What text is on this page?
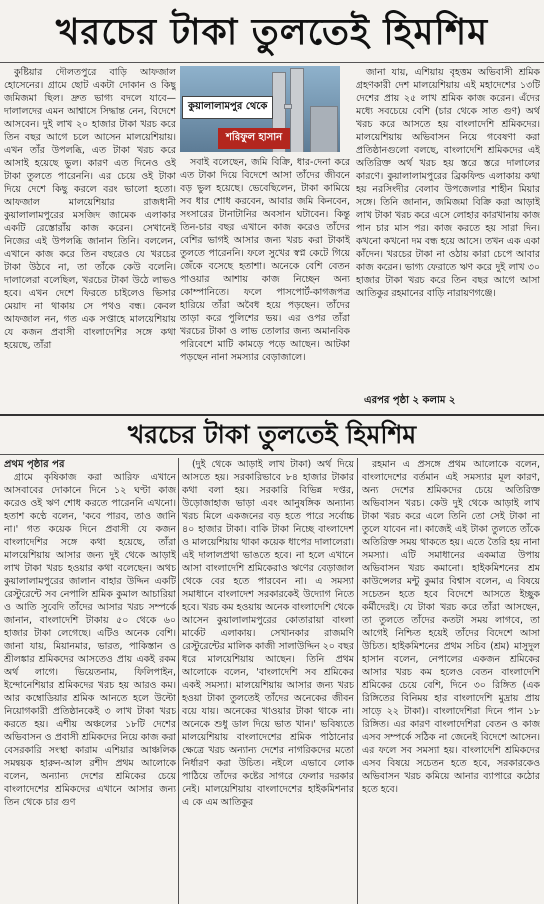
খরচের টাকা তুলতেই হিমশিম

কুষ্টিয়ার দৌলতপুরে বাড়ি আফজাল হোসেনের। গ্রামে ছোট একটা দোকান ও কিছু জমিজমা ছিল। দ্রুত ভাগ্য বদলে যাবে—দালালদের এমন আশ্বাসে সিদ্ধান্ত নেন, বিদেশে আসবেন। দুই লাখ ২০ হাজার টাকা খরচ করে তিন বছর আগে চলে আসেন মালয়েশিয়ায়। এখন তাঁর উপলব্ধি, এত টাকা খরচ করে আসাই হয়েছে ভুল। কারণ এত দিনেও ওই টাকা তুলতে পারেননি। এর চেয়ে ওই টাকা দিয়ে দেশে কিছু করলে বরং ভালো হতো। আফজাল মালয়েশিয়ার রাজধানী কুয়ালালামপুরের মসজিদ জামেক এলাকার একটি রেস্তোরাঁয় কাজ করেন। সেখানেই নিজের এই উপলব্ধি জানান তিনি। বললেন, এখানে কাজ করে তিন বছরেও যে খরচের টাকা উঠবে না, তা তাঁকে কেউ বলেনি। দালালেরা বলেছিল, খরচের টাকা উঠে লাভও হবে। এখন দেশে ফিরতে চাইলেও ভিসার মেয়াদ না থাকায় সে পথও বন্ধ। কেবল আফজাল নন, গত এক সপ্তাহে মালয়েশিয়ায় যে কজন প্রবাসী বাংলাদেশির সঙ্গে কথা হয়েছে, তাঁরা

কুয়ালালামপুর থেকে
শরিফুল হাসান

সবাই বলেছেন, জমি বিক্রি, ধার-দেনা করে এত টাকা দিয়ে বিদেশে আসা তাঁদের জীবনে বড় ভুল হয়েছে। ভেবেছিলেন, টাকা কামিয়ে সব ধার শোধ করবেন, আবার জমি কিনবেন, সংসারের টানাটানির অবসান ঘটাবেন। কিন্তু তিন-চার বছর এখানে কাজ করেও তাঁদের বেশির ভাগই আসার জন্য খরচ করা টাকাই তুলতে পারেননি। ফলে সুখের স্বপ্ন কেটে গিয়ে জেঁকে বসেছে হতাশা। অনেকে বেশি বেতন পাওয়ার আশায় কাজ নিচ্ছেন অন্য কোম্পানিতে। ফলে পাসপোর্ট-কাগজপত্র হারিয়ে তাঁরা অবৈধ হয়ে পড়ছেন। তাঁদের তাড়া করে পুলিশের ভয়। এর ওপর তাঁরা খরচের টাকা ও লাভ তোলার জন্য অমানবিক পরিবেশে মাটি কামড়ে পড়ে আছেন। আটকা পড়ছেন নানা সমস্যার বেড়াজালে।

জানা যায়, এশিয়ায় বৃহত্তম অভিবাসী শ্রমিক গ্রহণকারী দেশ মালয়েশিয়ায় এই মহাদেশের ১৩টি দেশের প্রায় ২৫ লাখ শ্রমিক কাজ করেন। এঁদের মধ্যে সবচেয়ে বেশি (চার থেকে সাত গুণ) অর্থ খরচ করে আসতে হয় বাংলাদেশি শ্রমিকদের। মালয়েশিয়ায় অভিবাসন নিয়ে গবেষণা করা প্রতিষ্ঠানগুলো বলছে, বাংলাদেশি শ্রমিকদের এই অতিরিক্ত অর্থ খরচ হয় স্তরে স্তরে দালালের কারণে। কুয়ালালামপুরের ব্রিকফিল্ড এলাকায় কথা হয় নরসিংদীর বেলাব উপজেলার শাহীন মিয়ার সঙ্গে। তিনি জানান, জমিজমা বিক্রি করা আড়াই লাখ টাকা খরচ করে এসে লোহার কারখানায় কাজ পান চার মাস পর। কাজ করতে হয় সারা দিন। কখনো কখনো দম বন্ধ হয়ে আসে। তখন এক একা কাঁদেন। খরচের টাকা না ওঠায় কারা চেপে আবার কাজ করেন। ভাগ্য ফেরাতে ঋণ করে দুই লাখ ৩০ হাজার টাকা খরচ করে তিন বছর আগে আসা আতিকুর রহমানের বাড়ি নারায়ণগঞ্জে।

এরপর পৃষ্ঠা ২ কলাম ২
খরচের টাকা তুলতেই হিমশিম
প্রথম পৃষ্ঠার পর

গ্রামে কৃষিকাজ করা আরিফ এখানে আসবাবের দোকানে দিনে ১২ ঘণ্টা কাজ করেও ওই ঋণ শোধ করতে পারেননি এখনো। হতাশ কণ্ঠে বলেন, 'কবে পারব, তাও জানি না।' গত কয়েক দিনে প্রবাসী যে কজন বাংলাদেশির সঙ্গে কথা হয়েছে, তাঁরা মালয়েশিয়ায় আসার জন্য দুই থেকে আড়াই লাখ টাকা খরচ হওয়ার কথা বলেছেন। অথচ কুয়ালালামপুরের জালান বাহার উদ্দিন একটি রেস্টুরেন্টে সব নেপালি শ্রমিক কুমাল আচারিয়া ও আতি সুবেদি তাঁদের আসার খরচ সম্পর্কে জানান, বাংলাদেশি টাকায় ৫০ থেকে ৬০ হাজার টাকা লেগেছে। এটিও অনেক বেশি। জানা যায়, মিয়ানমার, ভারত, পাকিস্তান ও শ্রীলঙ্কার শ্রমিকদের আসতেও প্রায় একই রকম অর্থ লাগে। ভিয়েতনাম, ফিলিপাইন, ইন্দোনেশিয়ার শ্রমিকদের খরচ হয় আরও কম। আর কম্বোডিয়ার শ্রমিক আনতে হলে উল্টো নিয়োগকারী প্রতিষ্ঠানকেই ৩ লাখ টাকা খরচ করতে হয়। এশীয় অঞ্চলের ১৮টি দেশের অভিবাসন ও প্রবাসী শ্রমিকদের নিয়ে কাজ করা বেসরকারি সংস্থা কারাম এশিয়ার আঞ্চলিক সমন্বয়ক হারুন-আল রশীদ প্রথম আলোকে বলেন, অন্যান্য দেশের শ্রমিকের চেয়ে বাংলাদেশের শ্রমিকদের এখানে আসার জন্য তিন থেকে চার গুণ

(দুই থেকে আড়াই লাখ টাকা) অর্থ দিয়ে আসতে হয়। সরকারিভাবে ৮৪ হাজার টাকার কথা বলা হয়। সরকারি বিভিন্ন দপ্তর, উড়োজাহাজ ভাড়া এবং আনুষঙ্গিক অন্যান্য খরচ মিলে একজনের বড় হতে পারে সর্বোচ্চ ৪০ হাজার টাকা। বাকি টাকা নিচ্ছে বাংলাদেশ ও মালয়েশিয়ায় থাকা কয়েক ধাপের দালালেরা। এই দালালপ্রথা ভাঙতে হবে। না হলে এখানে আসা বাংলাদেশি শ্রমিকেরাও ঋণের বেড়াজাল থেকে বের হতে পারবেন না। এ সমস্যা সমাধানে বাংলাদেশ সরকারকেই উদ্যোগ নিতে হবে। খরচ কম হওয়ায় অনেক বাংলাদেশি থেকে আসেন কুয়ালালামপুরের কোতারায়া বাংলা মার্কেট এলাকায়। সেখানকার রাজমণি রেস্টুরেন্টের মালিক কাজী সালাউদ্দিন ২০ বছর ধরে মালয়েশিয়ায় আছেন। তিনি প্রথম আলোকে বলেন, 'বাংলাদেশি সব শ্রমিকের একই সমস্যা। মালয়েশিয়ায় আসার জন্য খরচ হওয়া টাকা তুলতেই তাঁদের অনেকের জীবন বয়ে যায়। অনেকের খাওয়ার টাকা থাকে না। অনেকে শুধু ডাল দিয়ে ভাত খান।' ভবিষ্যতে মালয়েশিয়ায় বাংলাদেশের শ্রমিক পাঠানোর ক্ষেত্রে খরচ অন্যান্য দেশের নাগরিকদের মতো নির্ধারণ করা উচিত। নইলে এভাবে লোক পাঠিয়ে তাঁদের কষ্টের সাগরে ফেলার দরকার নেই। মালয়েশিয়ায় বাংলাদেশের হাইকমিশনার এ কে এম আতিকুর

রহমান এ প্রসঙ্গে প্রথম আলোকে বলেন, বাংলাদেশের বর্তমান এই সমস্যার মূল কারণ, অন্য দেশের শ্রমিকদের চেয়ে অতিরিক্ত অভিবাসন খরচ। কেউ দুই থেকে আড়াই লাখ টাকা খরচ করে এলে তিনি তো সেই টাকা না তুলে যাবেন না। কাজেই এই টাকা তুলতে তাঁকে অতিরিক্ত সময় থাকতে হয়। এতে তৈরি হয় নানা সমস্যা। এটি সমাধানের একমাত্র উপায় অভিবাসন খরচ কমানো। হাইকমিশনের শ্রম কাউন্সেলর মন্টু কুমার বিশ্বাস বলেন, এ বিষয়ে সচেতন হতে হবে বিদেশে আসতে ইচ্ছুক কর্মীদেরই। যে টাকা খরচ করে তাঁরা আসছেন, তা তুলতে তাঁদের কতটা সময় লাগবে, তা আগেই নিশ্চিত হয়েই তাঁদের বিদেশে আসা উচিত। হাইকমিশনের প্রথম সচিব (শ্রম) মাসুদুল হাসান বলেন, নেপালের একজন শ্রমিকের আসার খরচ কম হলেও বেতন বাংলাদেশি শ্রমিকের চেয়ে বেশি, দিনে ৩০ রিঙ্গিত (এক রিঙ্গিতের বিনিময় হার বাংলাদেশি মুদ্রায় প্রায় সাড়ে ২২ টাকা)। বাংলাদেশিরা দিনে পান ১৮ রিঙ্গিত। এর কারণ বাংলাদেশিরা বেতন ও কাজ এসব সম্পর্কে সঠিক না জেনেই বিদেশে আসেন। এর ফলে সব সমস্যা হয়। বাংলাদেশি শ্রমিকদের এসব বিষয়ে সচেতন হতে হবে, সরকারকেও অভিবাসন খরচ কমিয়ে আনার ব্যাপারে কঠোর হতে হবে।
